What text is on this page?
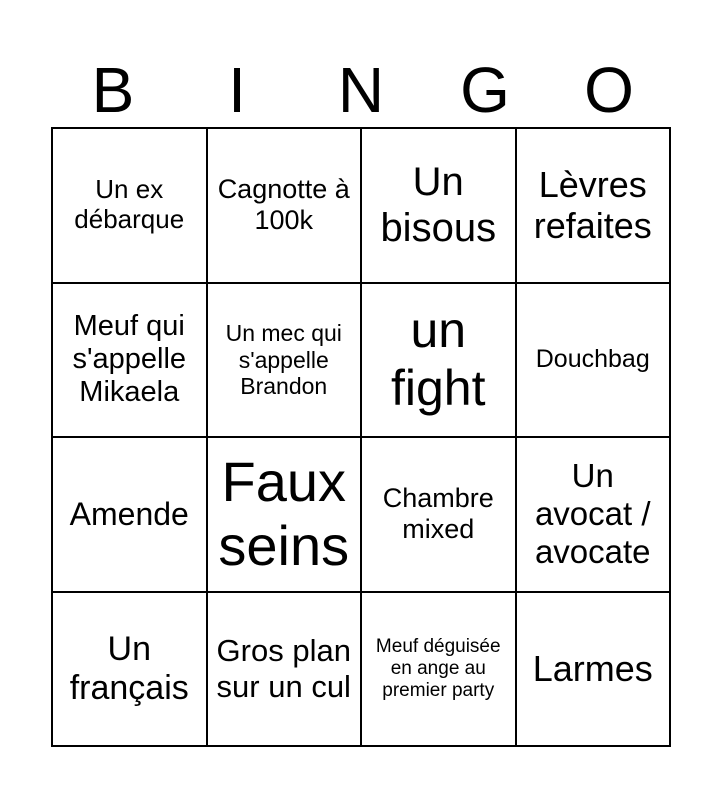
B	I	N	G	O
Un ex débarque
Cagnotte à 100k
Un bisous
Lèvres refaites
Meuf qui s'appelle Mikaela
Un mec qui s'appelle Brandon
un fight
Douchbag
Amende
Faux seins
Chambre mixed
Un avocat / avocate
Un français
Gros plan sur un cul
Meuf déguisée en ange au premier party
Larmes
